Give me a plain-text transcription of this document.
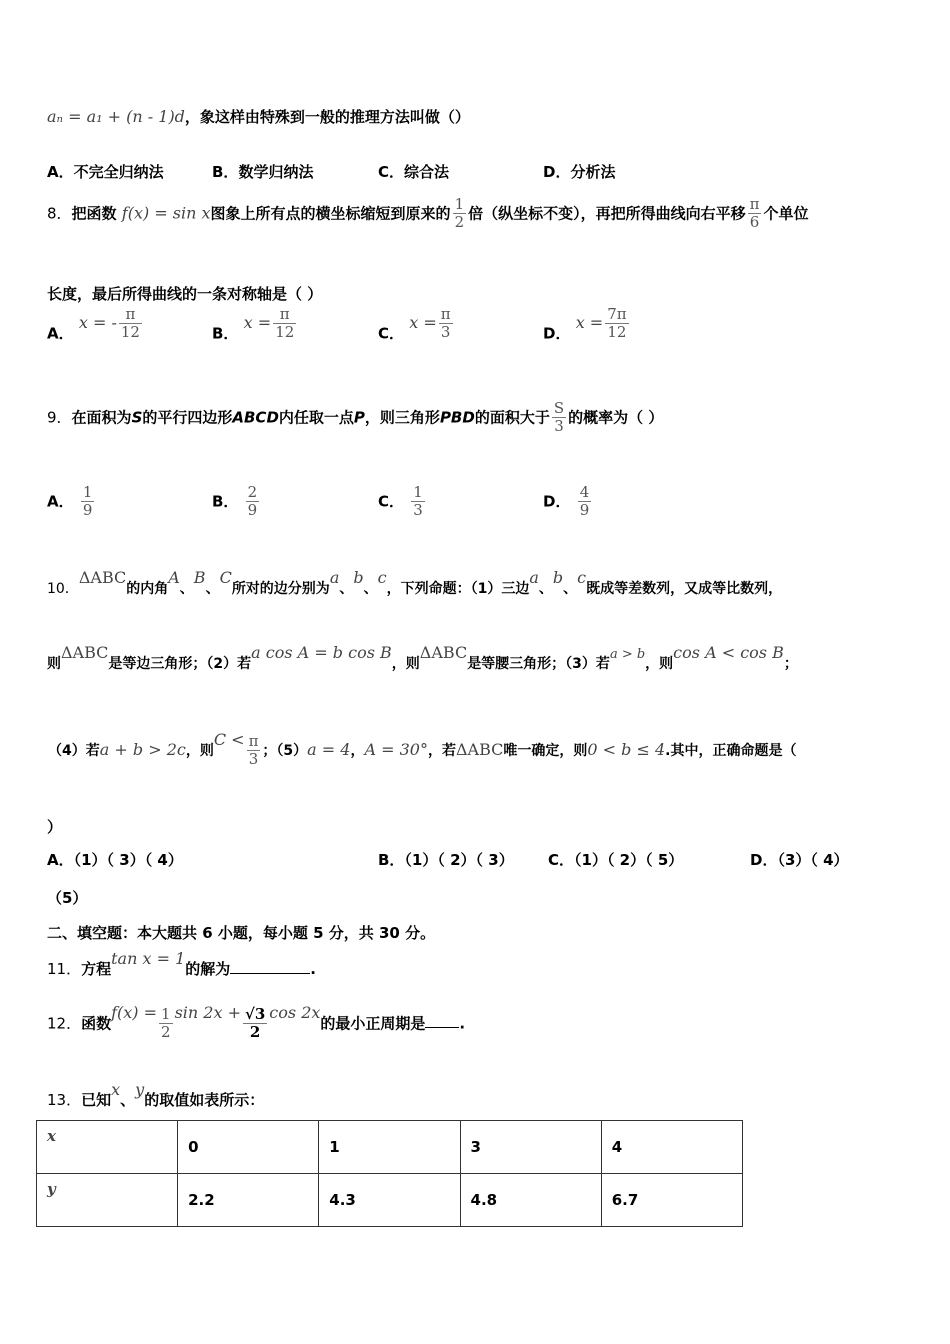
aₙ = a₁ + (n - 1)d，象这样由特殊到一般的推理方法叫做（）
A．不完全归纳法	B．数学归纳法	C．综合法	D．分析法
8．把函数 f(x) = sin x图象上所有点的横坐标缩短到原来的 $\frac{1}{2}$ 倍（纵坐标不变），再把所得曲线向右平移 $\frac{\pi}{6}$ 个单位
长度，最后所得曲线的一条对称轴是（ ）
A． x = - $\frac{\pi}{12}$	B． $x = \frac{\pi}{12}$	C． $x = \frac{\pi}{3}$	D． $x = \frac{7\pi}{12}$
9．在面积为S的平行四边形ABCD内任取一点P，则三角形PBD的面积大于 $\frac{S}{3}$ 的概率为（ ）
A． $\frac{1}{9}$	B． $\frac{2}{9}$	C． $\frac{1}{3}$	D． $\frac{4}{9}$
10．ΔABC的内角A、B、C所对的边分别为a、b、c，下列命题：（1）三边a、b、c既成等差数列，又成等比数列，
则ΔABC是等边三角形；（2）若a cos A = b cos B，则ΔABC是等腰三角形；（3）若a > b，则cos A < cos B；
（4）若a + b > 2c，则$C < \frac{\pi}{3}$ ；（5）a = 4，A = 30°，若ΔABC唯一确定，则0 < b ≤ 4.其中，正确命题是（
）
A．（1）（ 3）（ 4）	B．（1）（ 2）（ 3） C．（1）（ 2）（ 5）	D．（3）（ 4）
（5）
二、填空题：本大题共 6 小题，每小题 5 分，共 30 分。
11．方程tan x = 1的解为	.
12．函数$f(x) = \frac{1}{2}$ $\sin 2x + \frac{√3}{2}$ cos 2x的最小正周期是 .
13．已知x、y的取值如表所示：
x	0	1	3	4
y	2.2	4.3	4.8	6.7
